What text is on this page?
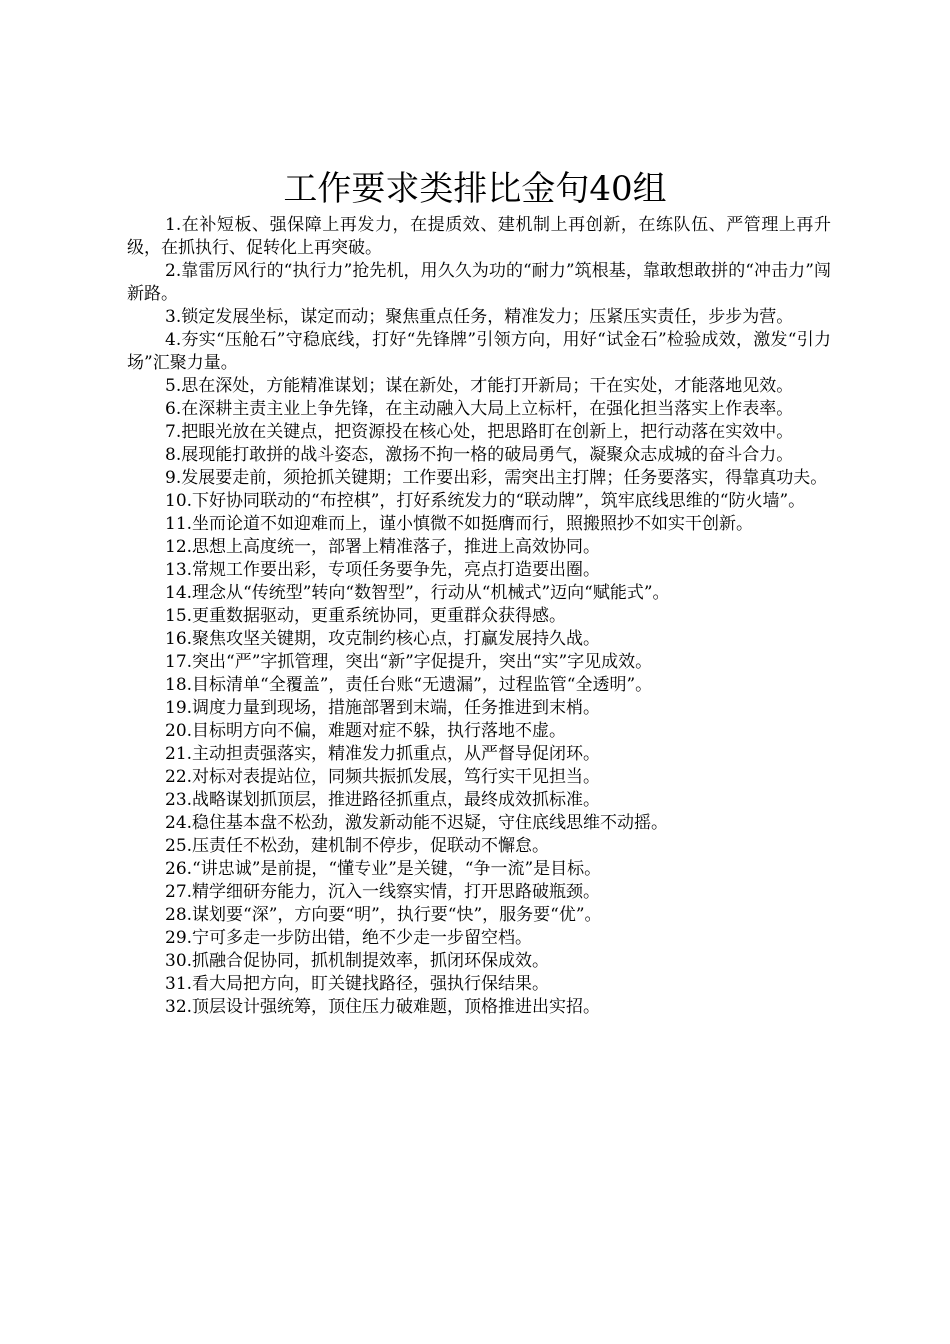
工作要求类排比金句40组

1.在补短板、强保障上再发力，在提质效、建机制上再创新，在练队伍、严管理上再升级，在抓执行、促转化上再突破。

2.靠雷厉风行的“执行力”抢先机，用久久为功的“耐力”筑根基，靠敢想敢拼的“冲击力”闯新路。

3.锁定发展坐标，谋定而动；聚焦重点任务，精准发力；压紧压实责任，步步为营。

4.夯实“压舱石”守稳底线，打好“先锋牌”引领方向，用好“试金石”检验成效，激发“引力场”汇聚力量。

5.思在深处，方能精准谋划；谋在新处，才能打开新局；干在实处，才能落地见效。

6.在深耕主责主业上争先锋，在主动融入大局上立标杆，在强化担当落实上作表率。

7.把眼光放在关键点，把资源投在核心处，把思路盯在创新上，把行动落在实效中。

8.展现能打敢拼的战斗姿态，激扬不拘一格的破局勇气，凝聚众志成城的奋斗合力。

9.发展要走前，须抢抓关键期；工作要出彩，需突出主打牌；任务要落实，得靠真功夫。

10.下好协同联动的“布控棋”，打好系统发力的“联动牌”，筑牢底线思维的“防火墙”。

11.坐而论道不如迎难而上，谨小慎微不如挺膺而行，照搬照抄不如实干创新。

12.思想上高度统一，部署上精准落子，推进上高效协同。

13.常规工作要出彩，专项任务要争先，亮点打造要出圈。

14.理念从“传统型”转向“数智型”，行动从“机械式”迈向“赋能式”。

15.更重数据驱动，更重系统协同，更重群众获得感。

16.聚焦攻坚关键期，攻克制约核心点，打赢发展持久战。

17.突出“严”字抓管理，突出“新”字促提升，突出“实”字见成效。

18.目标清单“全覆盖”，责任台账“无遗漏”，过程监管“全透明”。

19.调度力量到现场，措施部署到末端，任务推进到末梢。

20.目标明方向不偏，难题对症不躲，执行落地不虚。

21.主动担责强落实，精准发力抓重点，从严督导促闭环。

22.对标对表提站位，同频共振抓发展，笃行实干见担当。

23.战略谋划抓顶层，推进路径抓重点，最终成效抓标准。

24.稳住基本盘不松劲，激发新动能不迟疑，守住底线思维不动摇。

25.压责任不松劲，建机制不停步，促联动不懈怠。

26.“讲忠诚”是前提，“懂专业”是关键，“争一流”是目标。

27.精学细研夯能力，沉入一线察实情，打开思路破瓶颈。

28.谋划要“深”，方向要“明”，执行要“快”，服务要“优”。

29.宁可多走一步防出错，绝不少走一步留空档。

30.抓融合促协同，抓机制提效率，抓闭环保成效。

31.看大局把方向，盯关键找路径，强执行保结果。

32.顶层设计强统筹，顶住压力破难题，顶格推进出实招。
